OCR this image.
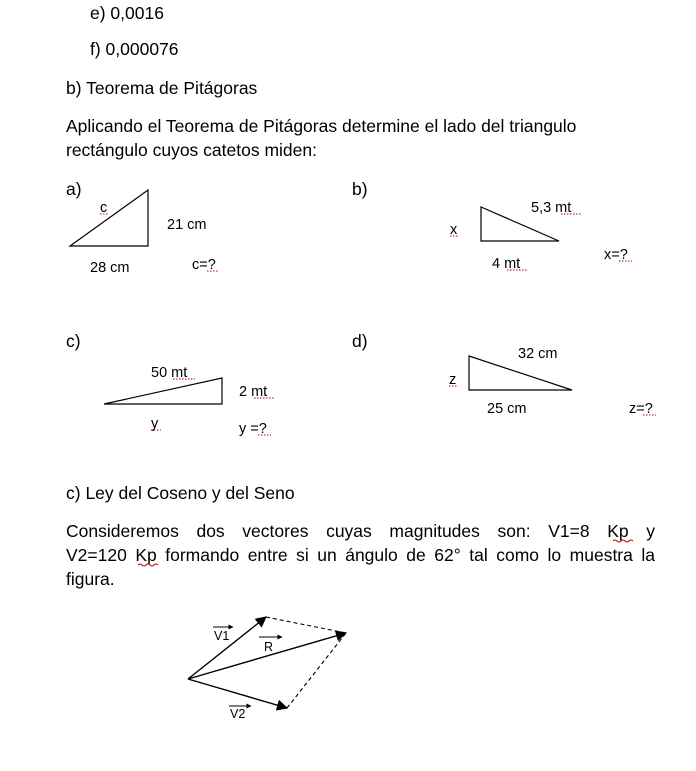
e) 0,0016
f) 0,000076
b) Teorema de Pitágoras
Aplicando el Teorema de Pitágoras determine el lado del triangulo
rectángulo cuyos catetos miden:
a)	b)
c)	d)
c
21 cm
28 cm	c=?
5,3 mt
x
4 mt
x=?
50 mt
2 mt
y	y =?
32 cm
z
25 cm	z=?
c) Ley del Coseno y del Seno
Consideremos dos vectores cuyas magnitudes son: V1=8 Kp y
V2=120 Kp formando entre si un ángulo de 62° tal como lo muestra la
figura.
V1
R
V2
